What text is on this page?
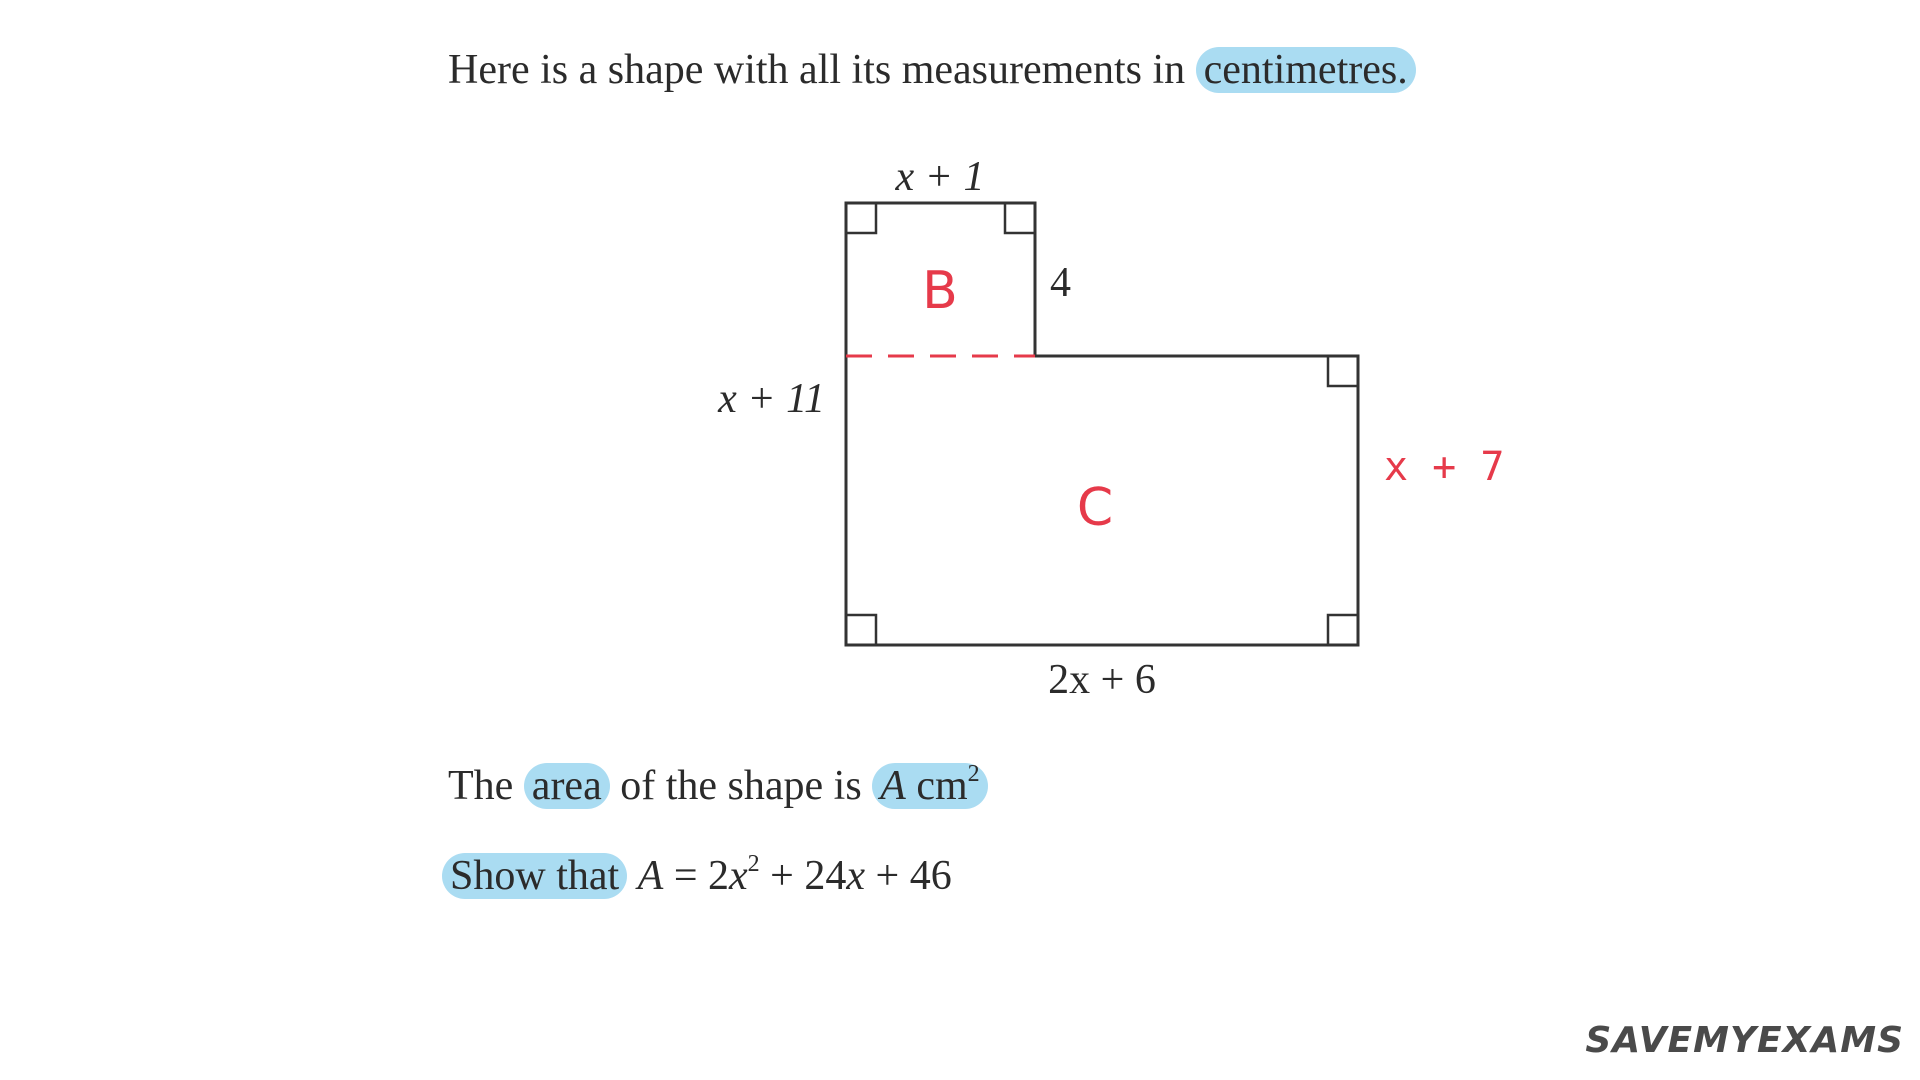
Here is a shape with all its measurements in centimetres.
x + 1
4
x + 11
2x + 6
B
C
x + 7
The area of the shape is A $cm^2$
Show that $A = 2x^2 + 24x + 46$
SAVEMYEXAMS
